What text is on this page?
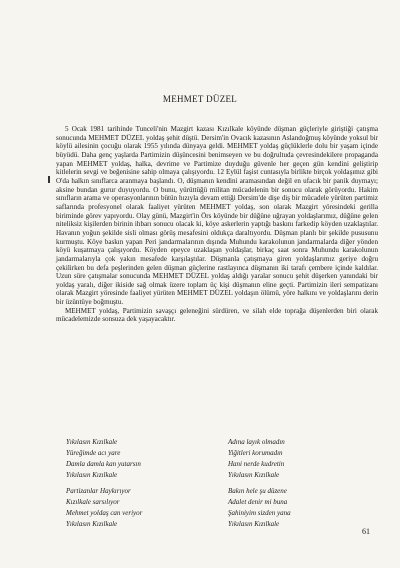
MEHMET DÜZEL

5 Ocak 1981 tarihinde Tunceli'nin Mazgirt kazası Kızılkale köyünde düşman güçleriyle giriştiği çatışma sonucunda MEHMET DÜZEL yoldaş şehit düştü. Dersim'in Ovacık kazasının Aslandoğmuş köyünde yoksul bir köylü ailesinin çocuğu olarak 1955 yılında dünyaya geldi. MEHMET yoldaş güçlüklerle dolu bir yaşam içinde büyüdü. Daha genç yaşlarda Partimizin düşüncesini benimseyen ve bu doğrultuda çevresindekilere propaganda yapan MEHMET yoldaş, halka, devrime ve Partimize duyduğu güvenle her geçen gün kendini geliştirip kitlelerin sevgi ve beğenisine sahip olmaya çalışıyordu. 12 Eylül faşist cuntasıyla birlikte birçok yoldaşımız gibi O'da halkın sınıflarca aranmaya başlandı. O, düşmanın kendini aramasından değil en ufacık bir panik duymayı; aksine bundan gurur duyuyordu. O bunu, yürüttüğü militan mücadelenin bir sonucu olarak görüyordu. Hakim sınıfların arama ve operasyonlarının bütün hızıyla devam ettiği Dersim'de dişe diş bir mücadele yürüten partimiz saflarında profesyonel olarak faaliyet yürüten MEHMET yoldaş, son olarak Mazgirt yöresindeki gerilla biriminde görev yapıyordu. Olay günü, Mazgirt'in Örs köyünde bir düğüne uğrayan yoldaşlarımız, düğüne gelen niteliksiz kişilerden birinin ihbarı sonucu olacak ki, köye askerlerin yaptığı baskını farkedip köyden uzaklaştılar. Havanın yoğun şekilde sisli olması görüş mesafesini oldukça daraltıyordu. Düşman planlı bir şekilde pususunu kurmuştu. Köye baskın yapan Peri jandarmalarının dışında Muhundu karakolunun jandarmalarda diğer yönden köyü kuşatmaya çalışıyordu. Köyden epeyce uzaklaşan yoldaşlar, birkaç saat sonra Muhundu karakolunun jandarmalarıyla çok yakın mesafede karşılaştılar. Düşmanla çatışmaya giren yoldaşlarımız geriye doğru çekilirken bu defa peşlerinden gelen düşman güçlerine rastlayınca düşmanın iki tarafı çembere içinde kaldılar. Uzun süre çatışmalar sonucunda MEHMET DÜZEL yoldaş aldığı yaralar sonucu şehit düşerken yanındaki bir yoldaş yaralı, diğer ikiside sağ olmak üzere toplam üç kişi düşmanın eline geçti. Partimizin ileri sempatizanı olarak Mazgirt yöresinde faaliyet yürüten MEHMET DÜZEL yoldaşın ölümü, yöre halkını ve yoldaşlarını derin bir üzüntüye boğmuştu.

MEHMET yoldaş, Partimizin savaşçı geleneğini sürdüren, ve silah elde toprağa düşenlerden biri olarak mücadelemizde sonsuza dek yaşayacaktır.

Yıkılasın Kızılkale
Yüreğimde acı yare
Damla damla kan yutarsın
Yıkılasın Kızılkale
Adına layık olmadın
Yiğitleri korumadın
Hani nerde kudretin
Yıkılasın Kızılkale
Partizanlar Haykırıyor
Kızılkale sarsılıyor
Mehmet yoldaş can veriyor
Yıkılasın Kızılkale
Bakın hele şu düzene
Adalet denir mi buna
Şahiniyim sizden yana
Yıkılasın Kızılkale
61
